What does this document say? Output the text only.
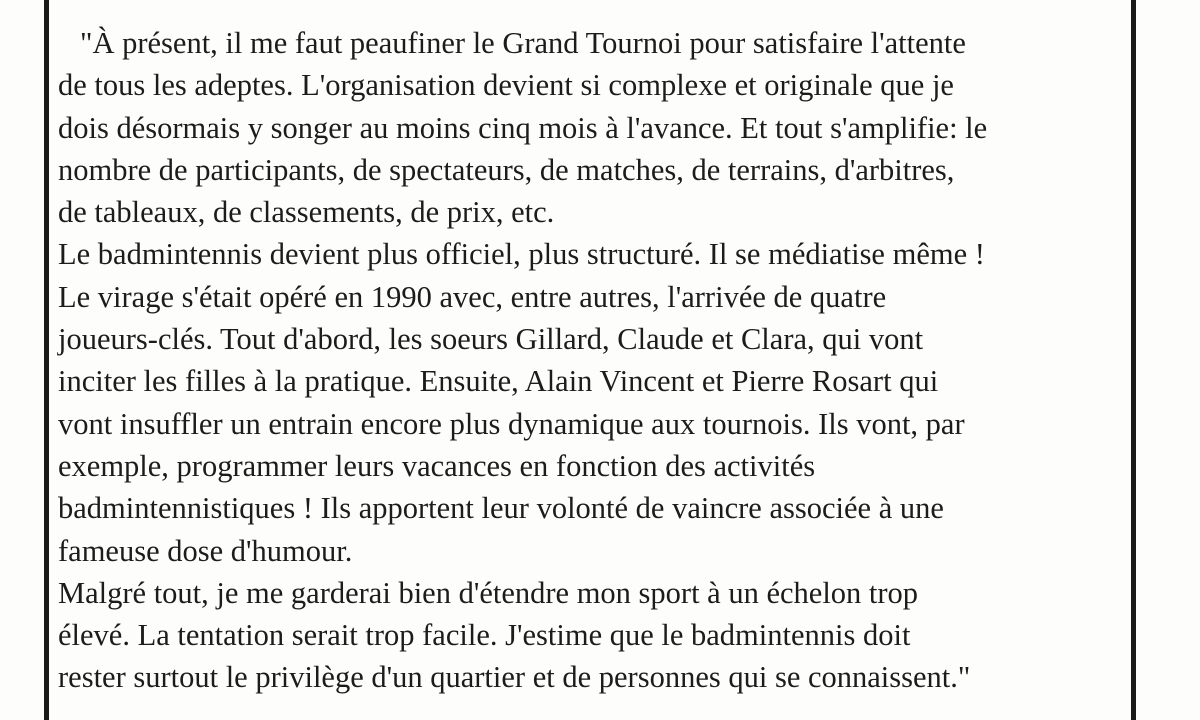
"À présent, il me faut peaufiner le Grand Tournoi pour satisfaire l'attente
de tous les adeptes. L'organisation devient si complexe et originale que je
dois désormais y songer au moins cinq mois à l'avance. Et tout s'amplifie: le
nombre de participants, de spectateurs, de matches, de terrains, d'arbitres,
de tableaux, de classements, de prix, etc.
Le badmintennis devient plus officiel, plus structuré. Il se médiatise même !
Le virage s'était opéré en 1990 avec, entre autres, l'arrivée de quatre
joueurs-clés. Tout d'abord, les soeurs Gillard, Claude et Clara, qui vont
inciter les filles à la pratique. Ensuite, Alain Vincent et Pierre Rosart qui
vont insuffler un entrain encore plus dynamique aux tournois. Ils vont, par
exemple, programmer leurs vacances en fonction des activités
badmintennistiques ! Ils apportent leur volonté de vaincre associée à une
fameuse dose d'humour.
Malgré tout, je me garderai bien d'étendre mon sport à un échelon trop
élevé. La tentation serait trop facile. J'estime que le badmintennis doit
rester surtout le privilège d'un quartier et de personnes qui se connaissent."
